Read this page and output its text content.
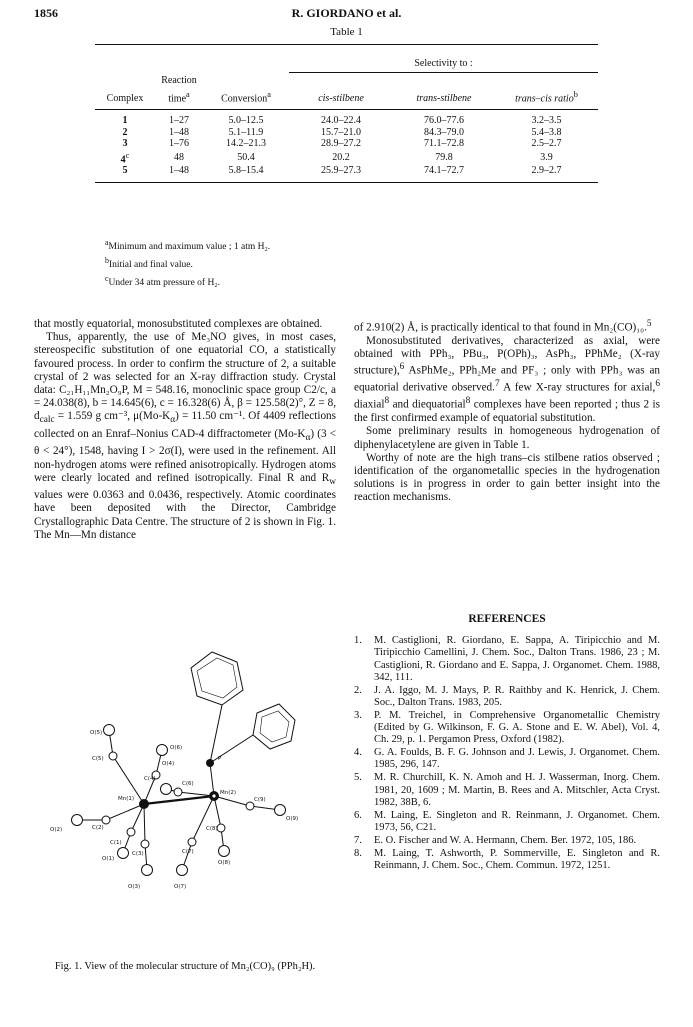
1856	R. GIORDANO et al.
Table 1

			Selectivity to :		
	Reaction				
Complex	time$^a$	Conversion$^a$	cis-stilbene	trans-stilbene	trans–cis ratio$^b$
1	1–27	5.0–12.5	24.0–22.4	76.0–77.6	3.2–3.5
2	1–48	5.1–11.9	15.7–21.0	84.3–79.0	5.4–3.8
3	1–76	14.2–21.3	28.9–27.2	71.1–72.8	2.5–2.7
4$^c$	48	50.4	20.2	79.8	3.9
5	1–48	5.8–15.4	25.9–27.3	74.1–72.7	2.9–2.7
$^a$Minimum and maximum value ; 1 atm H₂.
$^b$Initial and final value.
$^c$Under 34 atm pressure of H₂.

that mostly equatorial, monosubstituted complexes are obtained.

Thus, apparently, the use of Me₃NO gives, in most cases, stereospecific substitution of one equatorial CO, a statistically favoured process. In order to confirm the structure of 2, a suitable crystal of 2 was selected for an X-ray diffraction study. Crystal data: C₂₁H₁₁Mn₂O₉P, M = 548.16, monoclinic space group C2/c, a = 24.038(8), b = 14.645(6), c = 16.328(6) Å, β = 125.58(2)°, Z = 8, $d_{calc} = 1.559$ g cm⁻³, $\mu(Mo-K_\alpha) = 11.50$ cm⁻¹. Of 4409 reflections collected on an Enraf–Nonius CAD-4 diffractometer $(Mo-K_\alpha) (3 < \theta < 24^\circ)$, 1548, having I > 2σ(I), were used in the refinement. All non-hydrogen atoms were refined anisotropically. Hydrogen atoms were clearly located and refined isotropically. Final R and $R_w$ values were 0.0363 and 0.0436, respectively. Atomic coordinates have been deposited with the Director, Cambridge Crystallographic Data Centre. The structure of 2 is shown in Fig. 1. The Mn—Mn distance

of 2.910(2) Å, is practically identical to that found in Mn₂(CO)₁₀.$^5$

Monosubstituted derivatives, characterized as axial, were obtained with PPh₃, PBu₃, P(OPh)₃, AsPh₃, PPhMe₂ (X-ray structure),$^6$ AsPhMe₂, PPh₂Me and PF₃ ; only with PPh₃ was an equatorial derivative observed.$^7$ A few X-ray structures for axial,$^6$ diaxial$^8$ and diequatorial$^8$ complexes have been reported ; thus 2 is the first confirmed example of equatorial substitution.

Some preliminary results in homogeneous hydrogenation of diphenylacetylene are given in Table 1.

Worthy of note are the high trans–cis stilbene ratios observed ; identification of the organometallic species in the hydrogenation solutions is in progress in order to gain better insight into the reaction mechanisms.

REFERENCES
1. M. Castiglioni, R. Giordano, E. Sappa, A. Tiripicchio and M. Tiripicchio Camellini, J. Chem. Soc., Dalton Trans. 1986, 23 ; M. Castiglioni, R. Giordano and E. Sappa, J. Organomet. Chem. 1988, 342, 111.
2. J. A. Iggo, M. J. Mays, P. R. Raithby and K. Henrick, J. Chem. Soc., Dalton Trans. 1983, 205.
3. P. M. Treichel, in Comprehensive Organometallic Chemistry (Edited by G. Wilkinson, F. G. A. Stone and E. W. Abel), Vol. 4, Ch. 29, p. 1. Pergamon Press, Oxford (1982).
4. G. A. Foulds, B. F. G. Johnson and J. Lewis, J. Organomet. Chem. 1985, 296, 147.
5. M. R. Churchill, K. N. Amoh and H. J. Wasserman, Inorg. Chem. 1981, 20, 1609 ; M. Martin, B. Rees and A. Mitschler, Acta Cryst. 1982, 38B, 6.
6. M. Laing, E. Singleton and R. Reinmann, J. Organomet. Chem. 1973, 56, C21.
7. E. O. Fischer and W. A. Hermann, Chem. Ber. 1972, 105, 186.
8. M. Laing, T. Ashworth, P. Sommerville, E. Singleton and R. Reinmann, J. Chem. Soc., Chem. Commun. 1972, 1251.
O(5)
C(5)
O(4)
C(4)
O(6)
C(6)
P
Mn(1)
Mn(2)
O(2)	C(2)
C(1)
O(1)
C(3)
O(3)
C(7)
O(7)
C(8)
O(8)
C(9)
O(9)
Fig. 1. View of the molecular structure of Mn₂(CO)₉ (PPh₂H).
